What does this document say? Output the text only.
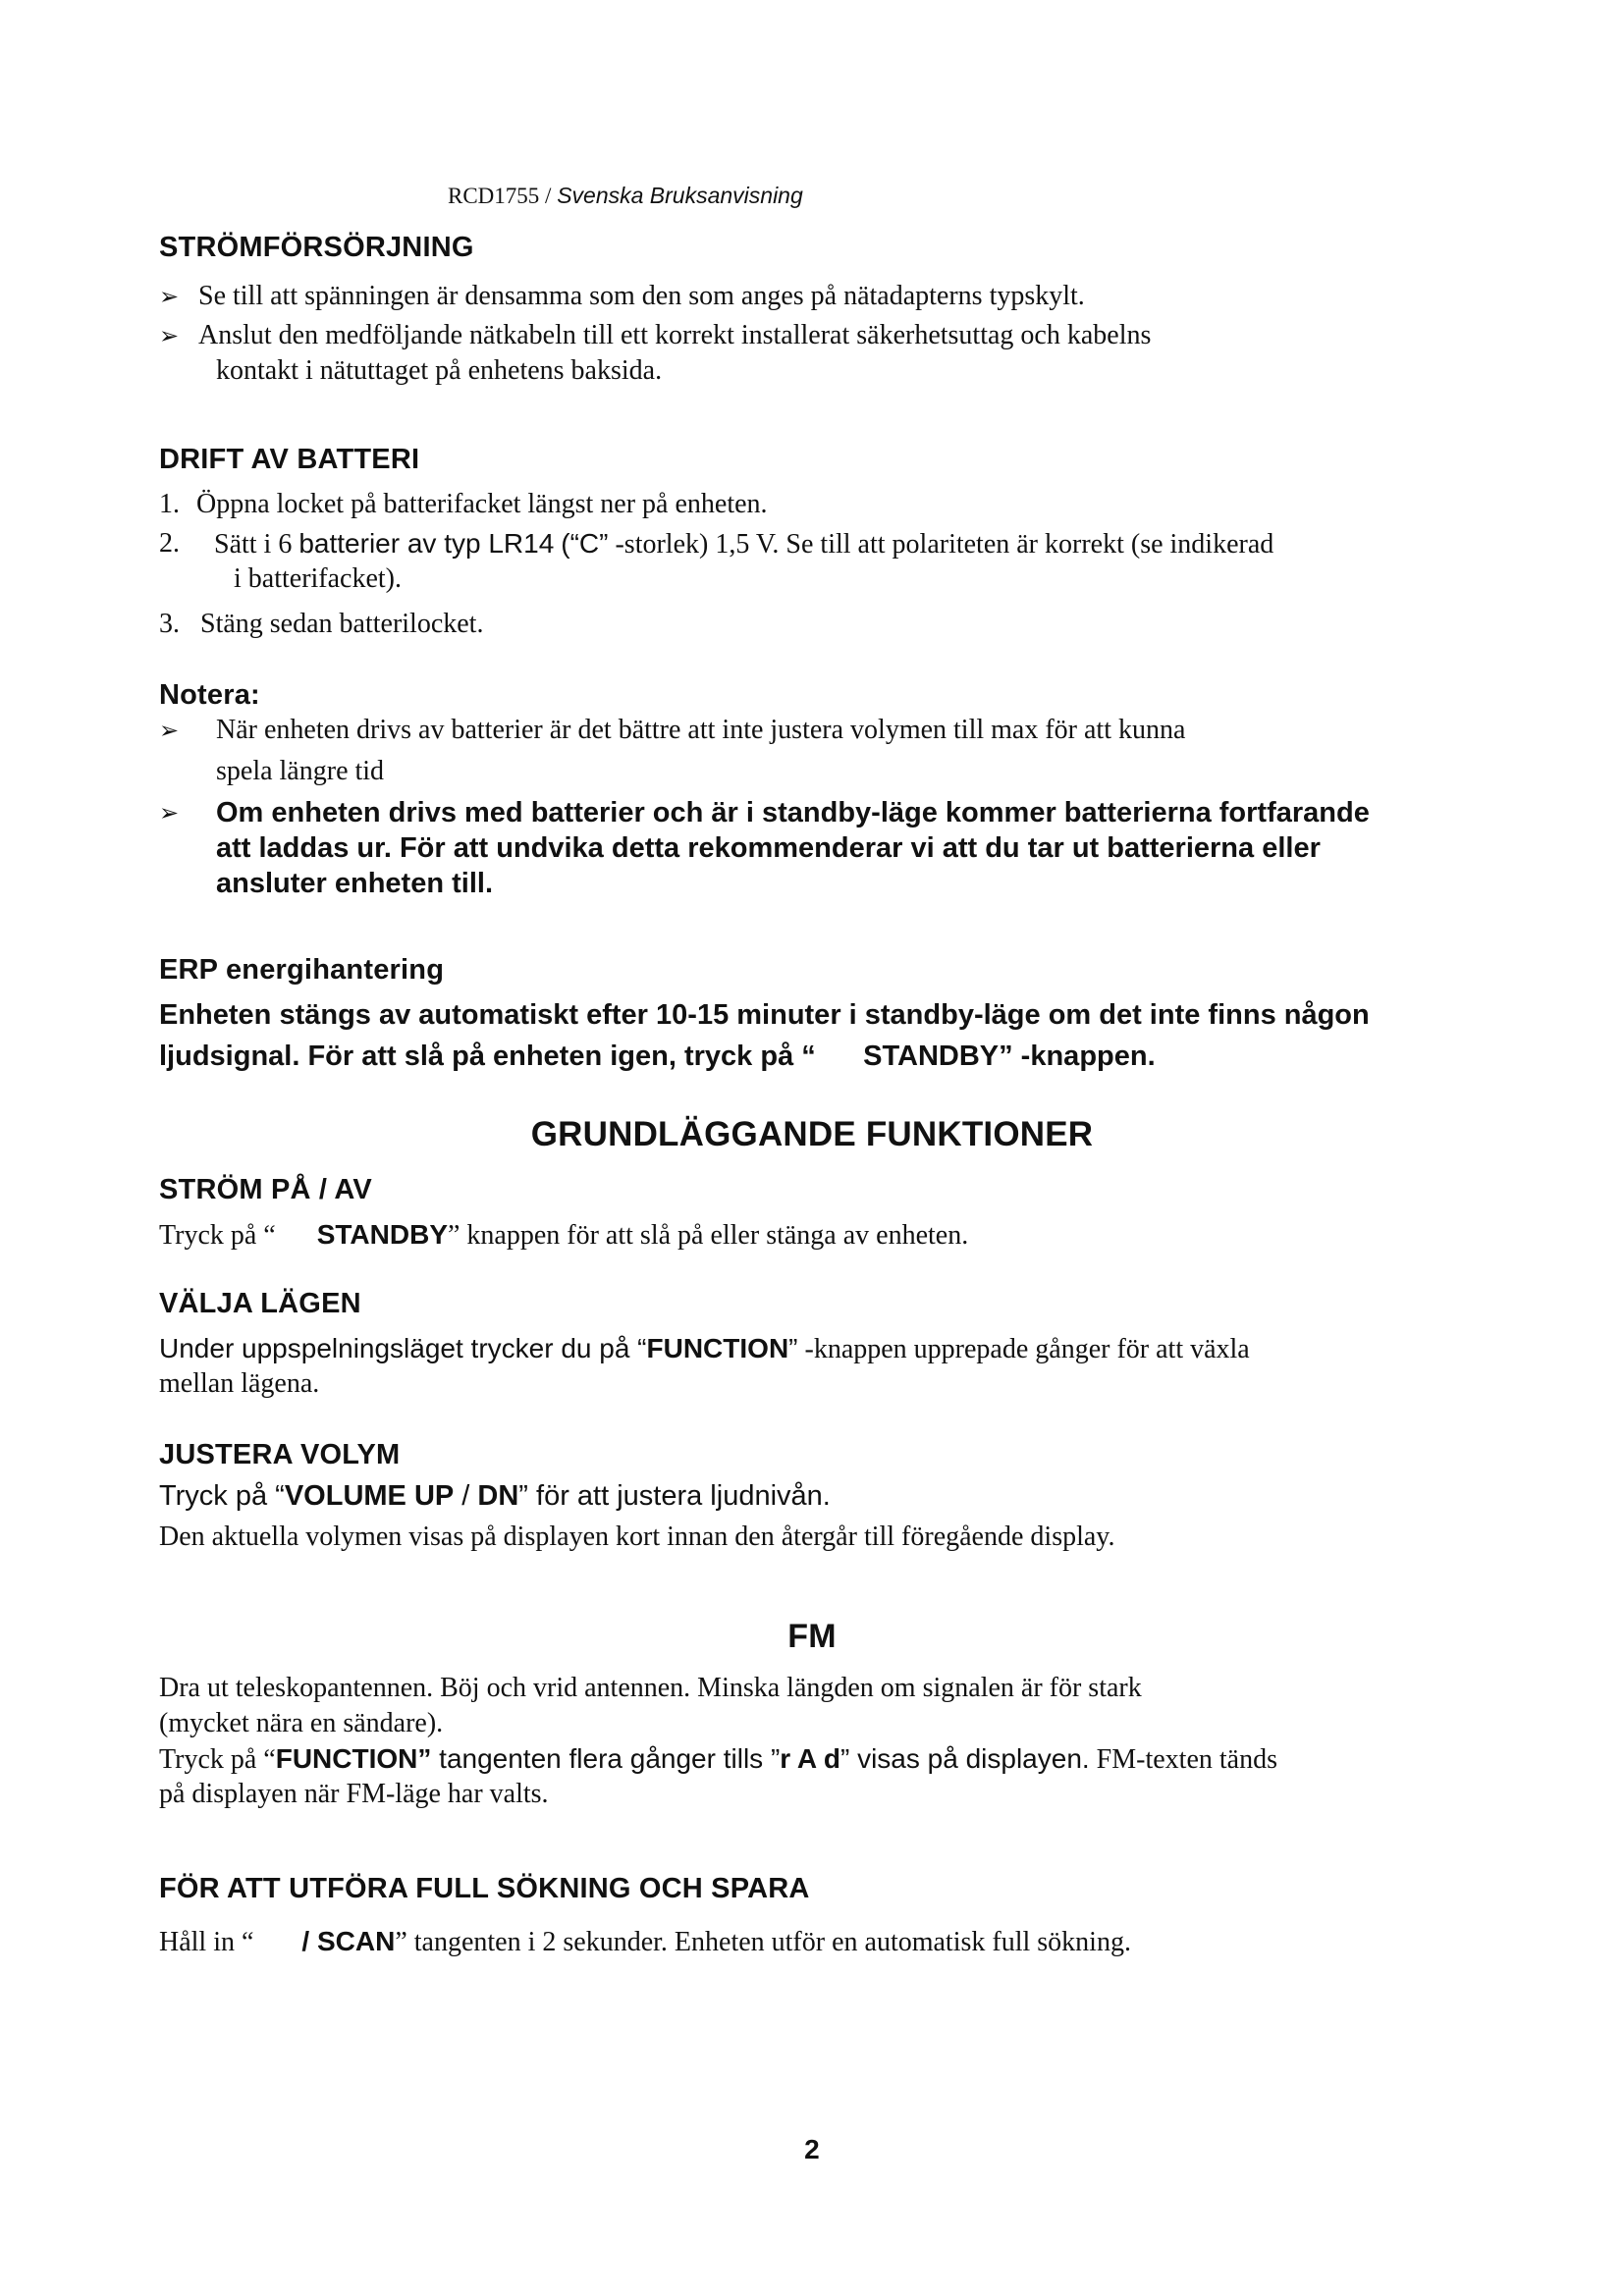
RCD1755 / Svenska Bruksanvisning
STRÖMFÖRSÖRJNING
➢ Se till att spänningen är densamma som den som anges på nätadapterns typskylt.
➢ Anslut den medföljande nätkabeln till ett korrekt installerat säkerhetsuttag och kabelns
kontakt i nätuttaget på enhetens baksida.
DRIFT AV BATTERI
1. Öppna locket på batterifacket längst ner på enheten.
2. Sätt i 6 batterier av typ LR14 (“C” -storlek) 1,5 V. Se till att polariteten är korrekt (se indikerad
i batterifacket).
3. Stäng sedan batterilocket.
Notera:
➢ När enheten drivs av batterier är det bättre att inte justera volymen till max för att kunna
spela längre tid
➢ Om enheten drivs med batterier och är i standby-läge kommer batterierna fortfarande
att laddas ur. För att undvika detta rekommenderar vi att du tar ut batterierna eller
ansluter enheten till.
ERP energihantering
Enheten stängs av automatiskt efter 10-15 minuter i standby-läge om det inte finns någon
ljudsignal. För att slå på enheten igen, tryck på “ STANDBY” -knappen.
GRUNDLÄGGANDE FUNKTIONER
STRÖM PÅ / AV
Tryck på “ STANDBY” knappen för att slå på eller stänga av enheten.
VÄLJA LÄGEN
Under uppspelningsläget trycker du på “FUNCTION” -knappen upprepade gånger för att växla
mellan lägena.
JUSTERA VOLYM
Tryck på “VOLUME UP / DN” för att justera ljudnivån.
Den aktuella volymen visas på displayen kort innan den återgår till föregående display.
FM
Dra ut teleskopantennen. Böj och vrid antennen. Minska längden om signalen är för stark
(mycket nära en sändare).
Tryck på “FUNCTION” tangenten flera gånger tills ”r A d” visas på displayen. FM-texten tänds
på displayen när FM-läge har valts.
FÖR ATT UTFÖRA FULL SÖKNING OCH SPARA
Håll in “ / SCAN” tangenten i 2 sekunder. Enheten utför en automatisk full sökning.
2
